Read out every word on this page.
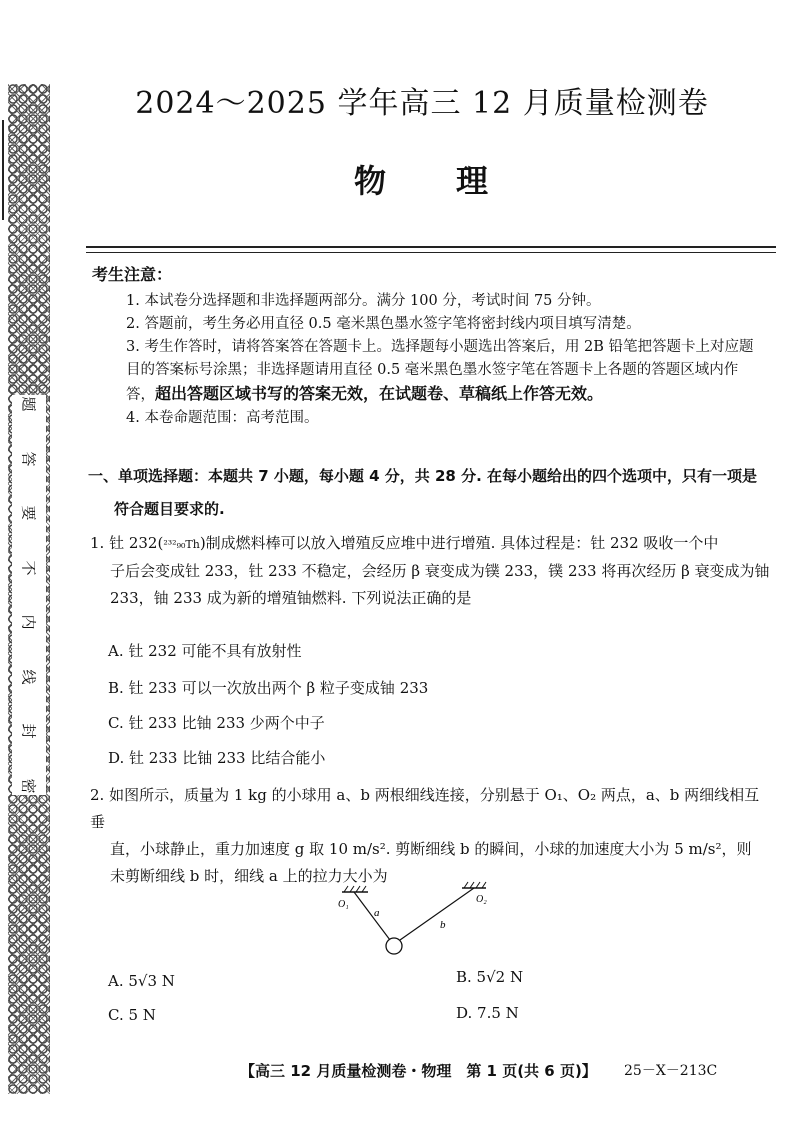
题
答
要
不
内
线
封
密
2024～2025 学年高三 12 月质量检测卷
物　　理
考生注意：

1. 本试卷分选择题和非选择题两部分。满分 100 分，考试时间 75 分钟。

2. 答题前，考生务必用直径 0.5 毫米黑色墨水签字笔将密封线内项目填写清楚。

3. 考生作答时，请将答案答在答题卡上。选择题每小题选出答案后，用 2B 铅笔把答题卡上对应题目的答案标号涂黑；非选择题请用直径 0.5 毫米黑色墨水签字笔在答题卡上各题的答题区域内作答，超出答题区域书写的答案无效，在试题卷、草稿纸上作答无效。

4. 本卷命题范围：高考范围。

一、单项选择题：本题共 7 小题，每小题 4 分，共 28 分. 在每小题给出的四个选项中，只有一项是
符合题目要求的.

1. 钍 232(²³²₉₀Th)制成燃料棒可以放入增殖反应堆中进行增殖. 具体过程是：钍 232 吸收一个中

子后会变成钍 233，钍 233 不稳定，会经历 β 衰变成为镤 233，镤 233 将再次经历 β 衰变成为铀

233，铀 233 成为新的增殖铀燃料. 下列说法正确的是

A. 钍 232 可能不具有放射性
B. 钍 233 可以一次放出两个 β 粒子变成铀 233
C. 钍 233 比铀 233 少两个中子
D. 钍 233 比铀 233 比结合能小

2. 如图所示，质量为 1 kg 的小球用 a、b 两根细线连接，分别悬于 O₁、O₂ 两点，a、b 两细线相互垂

直，小球静止，重力加速度 g 取 10 m/s². 剪断细线 b 的瞬间，小球的加速度大小为 5 m/s²，则

未剪断细线 b 时，细线 a 上的拉力大小为

O₁	O₂
a
b
A. 5√3 N	B. 5√2 N
C. 5 N	D. 7.5 N
【高三 12 月质量检测卷・物理　第 1 页(共 6 页)】 25－X－213C
